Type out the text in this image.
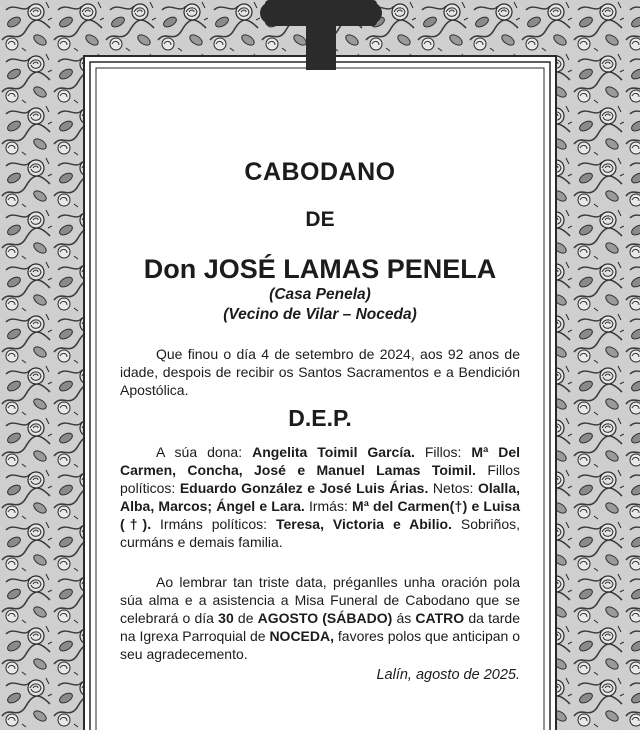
CABODANO
DE
Don JOSÉ LAMAS PENELA
(Casa Penela)
(Vecino de Vilar – Noceda)

Que finou o día 4 de setembro de 2024, aos 92 anos de idade, despois de recibir os Santos Sacramentos e a Bendición Apostólica.

D.E.P.

A súa dona: Angelita Toimil García. Fillos: Mª Del Carmen, Concha, José e Manuel Lamas Toimil. Fillos políticos: Eduardo González e José Luis Árias. Netos: Olalla, Alba, Marcos; Ángel e Lara. Irmás: Mª del Carmen(†) e Luisa (†). Irmáns políticos: Teresa, Victoria e Abilio. Sobriños, curmáns e demais familia.

Ao lembrar tan triste data, préganlles unha oración pola súa alma e a asistencia a Misa Funeral de Cabodano que se celebrará o día 30 de AGOSTO (SÁBADO) ás CATRO da tarde na Igrexa Parroquial de NOCEDA, favores polos que anticipan o seu agradecemento.

Lalín, agosto de 2025.
